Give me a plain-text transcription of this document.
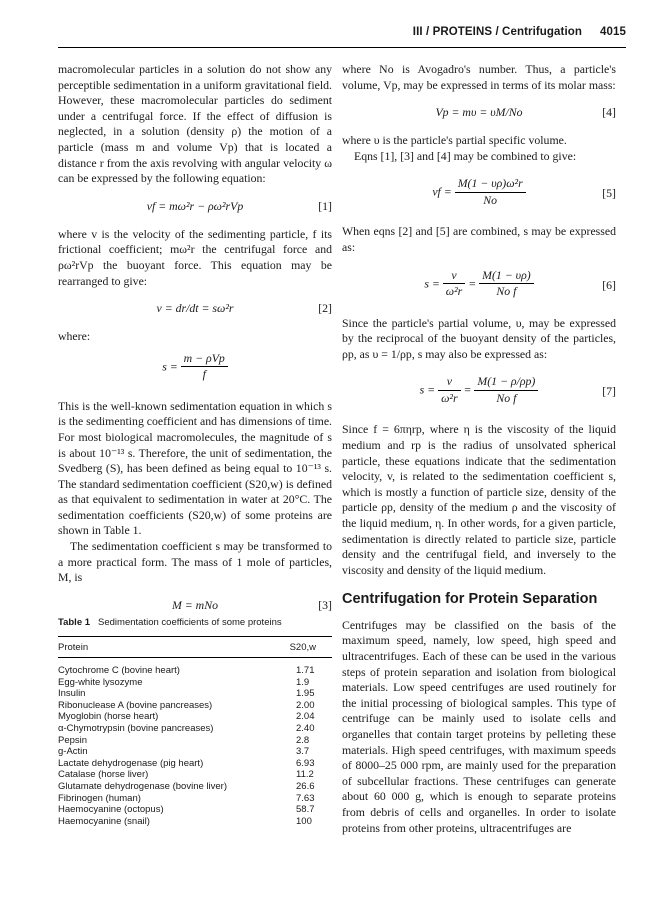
III / PROTEINS / Centrifugation 4015

macromolecular particles in a solution do not show any perceptible sedimentation in a uniform gravitational field. However, these macromolecular particles do sediment under a centrifugal force. If the effect of diffusion is neglected, in a solution (density ρ) the motion of a particle (mass m and volume Vp) that is located a distance r from the axis revolving with angular velocity ω can be expressed by the following equation:

vf = mω²r − ρω²rVp	[1]

where v is the velocity of the sedimenting particle, f its frictional coefficient; mω²r the centrifugal force and ρω²rVp the buoyant force. This equation may be rearranged to give:

v = dr/dt = sω²r	[2]

where:

$s = \frac{\text{m − ρVp}}{f}$

This is the well-known sedimentation equation in which s is the sedimenting coefficient and has dimensions of time. For most biological macromolecules, the magnitude of s is about 10⁻¹³ s. Therefore, the unit of sedimentation, the Svedberg (S), has been defined as being equal to 10⁻¹³ s. The standard sedimentation coefficient (S20,w) is defined as that equivalent to sedimentation in water at 20°C. The sedimentation coefficients (S20,w) of some proteins are shown in Table 1.

The sedimentation coefficient s may be transformed to a more practical form. The mass of 1 mole of particles, M, is

M = mNo	[3]
Table 1 Sedimentation coefficients of some proteins
Protein	S20,w
Cytochrome C (bovine heart)	1.71
Egg-white lysozyme	1.9
Insulin	1.95
Ribonuclease A (bovine pancreases)	2.00
Myoglobin (horse heart)	2.04
α-Chymotrypsin (bovine pancreases)	2.40
Pepsin	2.8
g-Actin	3.7
Lactate dehydrogenase (pig heart)	6.93
Catalase (horse liver)	11.2
Glutamate dehydrogenase (bovine liver)	26.6
Fibrinogen (human)	7.63
Haemocyanine (octopus)	58.7
Haemocyanine (snail)	100

where No is Avogadro's number. Thus, a particle's volume, Vp, may be expressed in terms of its molar mass:

Vp = mυ = υM/No	[4]

where υ is the particle's partial specific volume.

Eqns [1], [3] and [4] may be combined to give:

vf = $\frac{\text{M(1 − υρ)ω²r}}{No}$	[5]

When eqns [2] and [5] are combined, s may be expressed as:

$s = \frac{v}{\text{ω²r}} = \frac{M(1 - \upsilon\rho)}{\text{No f}}$	[6]

Since the particle's partial volume, υ, may be expressed by the reciprocal of the buoyant density of the particles, ρp, as υ = 1/ρp, s may also be expressed as:

$s = \frac{v}{\text{ω²r}} = \frac{M(1 - \rho/\rho p)}{\text{No f}}$	[7]

Since f = 6πηrp, where η is the viscosity of the liquid medium and rp is the radius of unsolvated spherical particle, these equations indicate that the sedimentation velocity, v, is related to the sedimentation coefficient s, which is mostly a function of particle size, density of the particle ρp, density of the medium ρ and the viscosity of the liquid medium, η. In other words, for a given particle, sedimentation is directly related to particle size, particle density and the centrifugal field, and inversely to the viscosity and density of the liquid medium.

Centrifugation for Protein Separation

Centrifuges may be classified on the basis of the maximum speed, namely, low speed, high speed and ultracentrifuges. Each of these can be used in the various steps of protein separation and isolation from biological materials. Low speed centrifuges are used routinely for the initial processing of biological samples. This type of centrifuge can be mainly used to isolate cells and organelles that contain target proteins by pelleting these materials. High speed centrifuges, with maximum speeds of 8000–25 000 rpm, are mainly used for the preparation of subcellular fractions. These centrifuges can generate about 60 000 g, which is enough to separate proteins from debris of cells and organelles. In order to isolate proteins from other proteins, ultracentrifuges are
